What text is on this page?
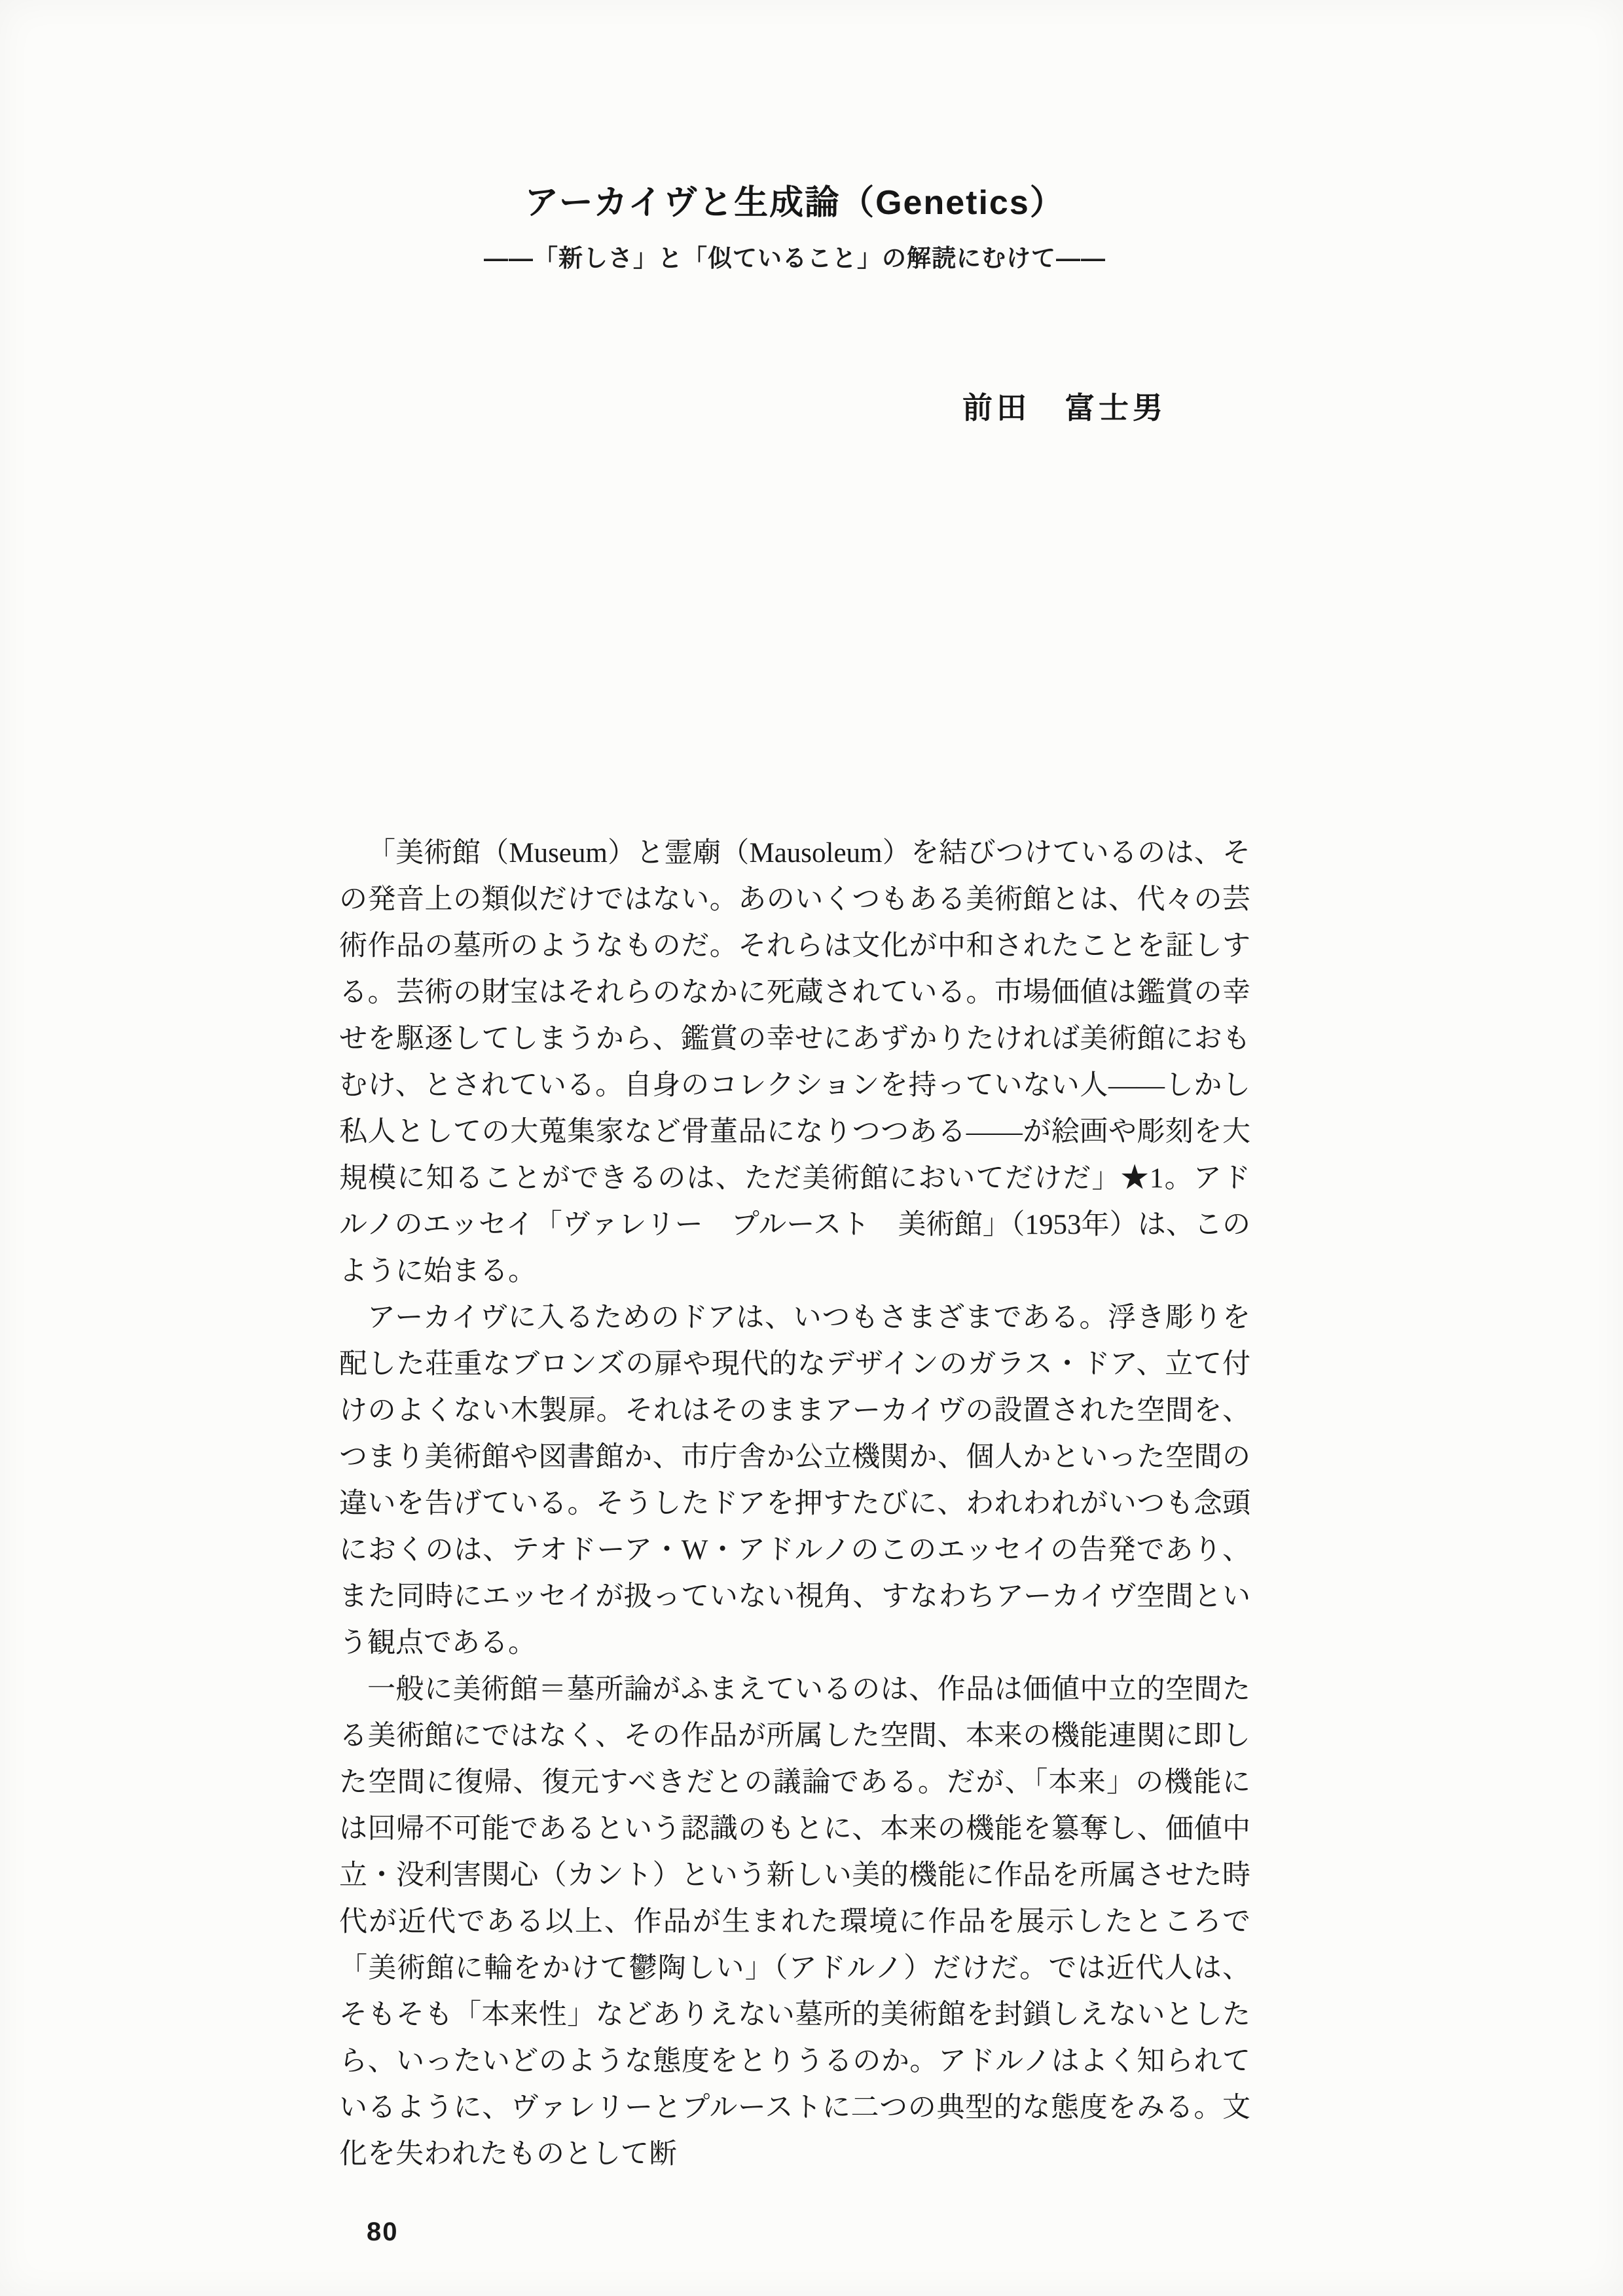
アーカイヴと生成論（Genetics）
——「新しさ」と「似ていること」の解読にむけて——
前田　富士男

「美術館（Museum）と霊廟（Mausoleum）を結びつけているのは、その発音上の類似だけではない。あのいくつもある美術館とは、代々の芸術作品の墓所のようなものだ。それらは文化が中和されたことを証しする。芸術の財宝はそれらのなかに死蔵されている。市場価値は鑑賞の幸せを駆逐してしまうから、鑑賞の幸せにあずかりたければ美術館におもむけ、とされている。自身のコレクションを持っていない人——しかし私人としての大蒐集家など骨董品になりつつある——が絵画や彫刻を大規模に知ることができるのは、ただ美術館においてだけだ」★1。アドルノのエッセイ「ヴァレリー　プルースト　美術館」（1953年）は、このように始まる。

アーカイヴに入るためのドアは、いつもさまざまである。浮き彫りを配した荘重なブロンズの扉や現代的なデザインのガラス・ドア、立て付けのよくない木製扉。それはそのままアーカイヴの設置された空間を、つまり美術館や図書館か、市庁舎か公立機関か、個人かといった空間の違いを告げている。そうしたドアを押すたびに、われわれがいつも念頭におくのは、テオドーア・W・アドルノのこのエッセイの告発であり、また同時にエッセイが扱っていない視角、すなわちアーカイヴ空間という観点である。

一般に美術館＝墓所論がふまえているのは、作品は価値中立的空間たる美術館にではなく、その作品が所属した空間、本来の機能連関に即した空間に復帰、復元すべきだとの議論である。だが、「本来」の機能には回帰不可能であるという認識のもとに、本来の機能を簒奪し、価値中立・没利害関心（カント）という新しい美的機能に作品を所属させた時代が近代である以上、作品が生まれた環境に作品を展示したところで「美術館に輪をかけて鬱陶しい」（アドルノ）だけだ。では近代人は、そもそも「本来性」などありえない墓所的美術館を封鎖しえないとしたら、いったいどのような態度をとりうるのか。アドルノはよく知られているように、ヴァレリーとプルーストに二つの典型的な態度をみる。文化を失われたものとして断

80
